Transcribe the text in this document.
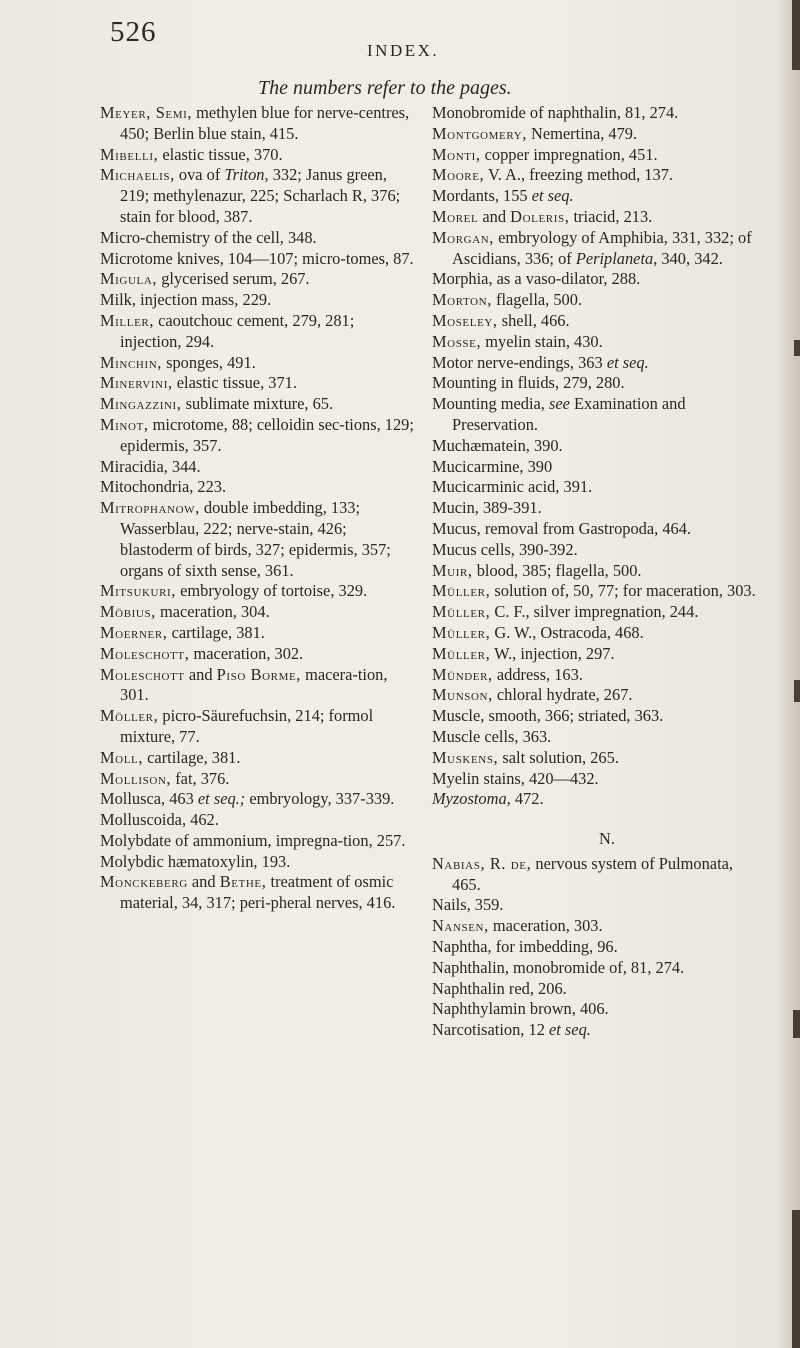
526
INDEX.
The numbers refer to the pages.
Meyer, Semi, methylen blue for nerve-centres, 450; Berlin blue stain, 415.
Mibelli, elastic tissue, 370.
Michaelis, ova of Triton, 332; Janus green, 219; methylenazur, 225; Scharlach R, 376; stain for blood, 387.
Micro-chemistry of the cell, 348.
Microtome knives, 104—107; micro-tomes, 87.
Migula, glycerised serum, 267.
Milk, injection mass, 229.
Miller, caoutchouc cement, 279, 281; injection, 294.
Minchin, sponges, 491.
Minervini, elastic tissue, 371.
Mingazzini, sublimate mixture, 65.
Minot, microtome, 88; celloidin sec-tions, 129; epidermis, 357.
Miracidia, 344.
Mitochondria, 223.
Mitrophanow, double imbedding, 133; Wasserblau, 222; nerve-stain, 426; blastoderm of birds, 327; epidermis, 357; organs of sixth sense, 361.
Mitsukuri, embryology of tortoise, 329.
Möbius, maceration, 304.
Moerner, cartilage, 381.
Moleschott, maceration, 302.
Moleschott and Piso Borme, macera-tion, 301.
Möller, picro-Säurefuchsin, 214; formol mixture, 77.
Moll, cartilage, 381.
Mollison, fat, 376.
Mollusca, 463 et seq.; embryology, 337-339.
Molluscoida, 462.
Molybdate of ammonium, impregna-tion, 257.
Molybdic hæmatoxylin, 193.
Monckeberg and Bethe, treatment of osmic material, 34, 317; peri-pheral nerves, 416.
Monobromide of naphthalin, 81, 274.
Montgomery, Nemertina, 479.
Monti, copper impregnation, 451.
Moore, V. A., freezing method, 137.
Mordants, 155 et seq.
Morel and Doleris, triacid, 213.
Morgan, embryology of Amphibia, 331, 332; of Ascidians, 336; of Periplaneta, 340, 342.
Morphia, as a vaso-dilator, 288.
Morton, flagella, 500.
Moseley, shell, 466.
Mosse, myelin stain, 430.
Motor nerve-endings, 363 et seq.
Mounting in fluids, 279, 280.
Mounting media, see Examination and Preservation.
Muchæmatein, 390.
Mucicarmine, 390
Mucicarminic acid, 391.
Mucin, 389-391.
Mucus, removal from Gastropoda, 464.
Mucus cells, 390-392.
Muir, blood, 385; flagella, 500.
Müller, solution of, 50, 77; for maceration, 303.
Müller, C. F., silver impregnation, 244.
Müller, G. W., Ostracoda, 468.
Müller, W., injection, 297.
Münder, address, 163.
Munson, chloral hydrate, 267.
Muscle, smooth, 366; striated, 363.
Muscle cells, 363.
Muskens, salt solution, 265.
Myelin stains, 420—432.
Myzostoma, 472.
N.
Nabias, R. de, nervous system of Pulmonata, 465.
Nails, 359.
Nansen, maceration, 303.
Naphtha, for imbedding, 96.
Naphthalin, monobromide of, 81, 274.
Naphthalin red, 206.
Naphthylamin brown, 406.
Narcotisation, 12 et seq.
